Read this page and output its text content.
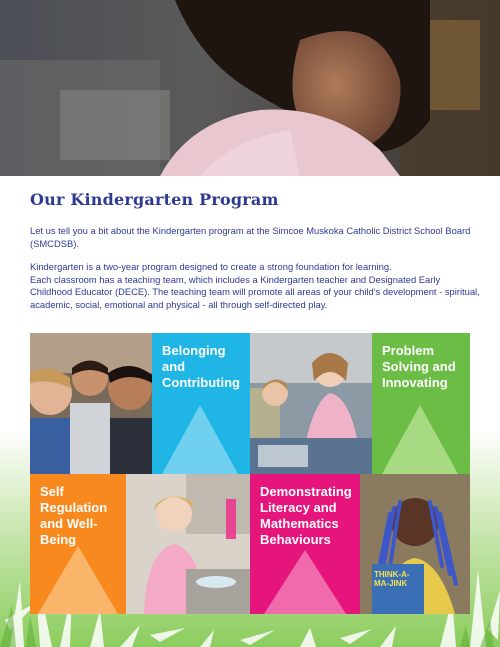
Our Kindergarten Program

Let us tell you a bit about the Kindergarten program at the Simcoe Muskoka Catholic District School Board (SMCDSB).

Kindergarten is a two-year program designed to create a strong foundation for learning.
Each classroom has a teaching team, which includes a Kindergarten teacher and Designated Early Childhood Educator (DECE). The teaching team will promote all areas of your child's development - spiritual, academic, social, emotional and physical - all through self-directed play.
Belonging and Contributing
Problem Solving and Innovating
Self Regulation and Well-Being
Demonstrating Literacy and Mathematics Behaviours
THINK-A-MA-JINK
